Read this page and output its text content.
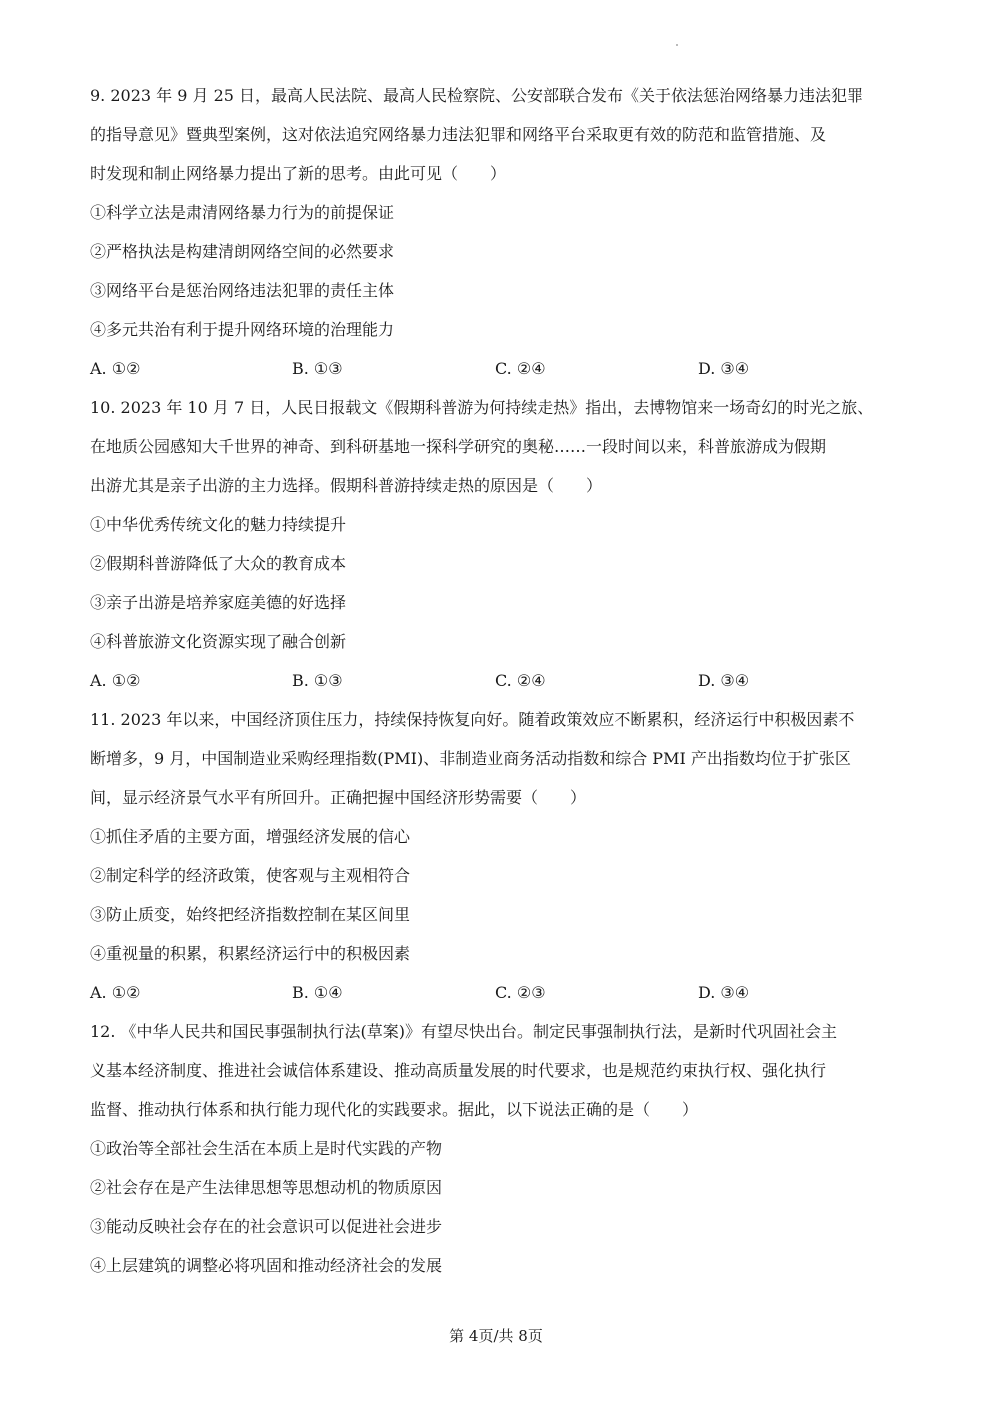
9. 2023 年 9 月 25 日，最高人民法院、最高人民检察院、公安部联合发布《关于依法惩治网络暴力违法犯罪
的指导意见》暨典型案例，这对依法追究网络暴力违法犯罪和网络平台采取更有效的防范和监管措施、及
时发现和制止网络暴力提出了新的思考。由此可见（　　）
①科学立法是肃清网络暴力行为的前提保证
②严格执法是构建清朗网络空间的必然要求
③网络平台是惩治网络违法犯罪的责任主体
④多元共治有利于提升网络环境的治理能力
A. ①②	B. ①③	C. ②④	D. ③④
10. 2023 年 10 月 7 日，人民日报载文《假期科普游为何持续走热》指出，去博物馆来一场奇幻的时光之旅、
在地质公园感知大千世界的神奇、到科研基地一探科学研究的奥秘……一段时间以来，科普旅游成为假期
出游尤其是亲子出游的主力选择。假期科普游持续走热的原因是（　　）
①中华优秀传统文化的魅力持续提升
②假期科普游降低了大众的教育成本
③亲子出游是培养家庭美德的好选择
④科普旅游文化资源实现了融合创新
A. ①②	B. ①③	C. ②④	D. ③④
11. 2023 年以来，中国经济顶住压力，持续保持恢复向好。随着政策效应不断累积，经济运行中积极因素不
断增多，9 月，中国制造业采购经理指数(PMI)、非制造业商务活动指数和综合 PMI 产出指数均位于扩张区
间，显示经济景气水平有所回升。正确把握中国经济形势需要（　　）
①抓住矛盾的主要方面，增强经济发展的信心
②制定科学的经济政策，使客观与主观相符合
③防止质变，始终把经济指数控制在某区间里
④重视量的积累，积累经济运行中的积极因素
A. ①②	B. ①④	C. ②③	D. ③④
12. 《中华人民共和国民事强制执行法(草案)》有望尽快出台。制定民事强制执行法，是新时代巩固社会主
义基本经济制度、推进社会诚信体系建设、推动高质量发展的时代要求，也是规范约束执行权、强化执行
监督、推动执行体系和执行能力现代化的实践要求。据此，以下说法正确的是（　　）
①政治等全部社会生活在本质上是时代实践的产物
②社会存在是产生法律思想等思想动机的物质原因
③能动反映社会存在的社会意识可以促进社会进步
④上层建筑的调整必将巩固和推动经济社会的发展
第 4页/共 8页
